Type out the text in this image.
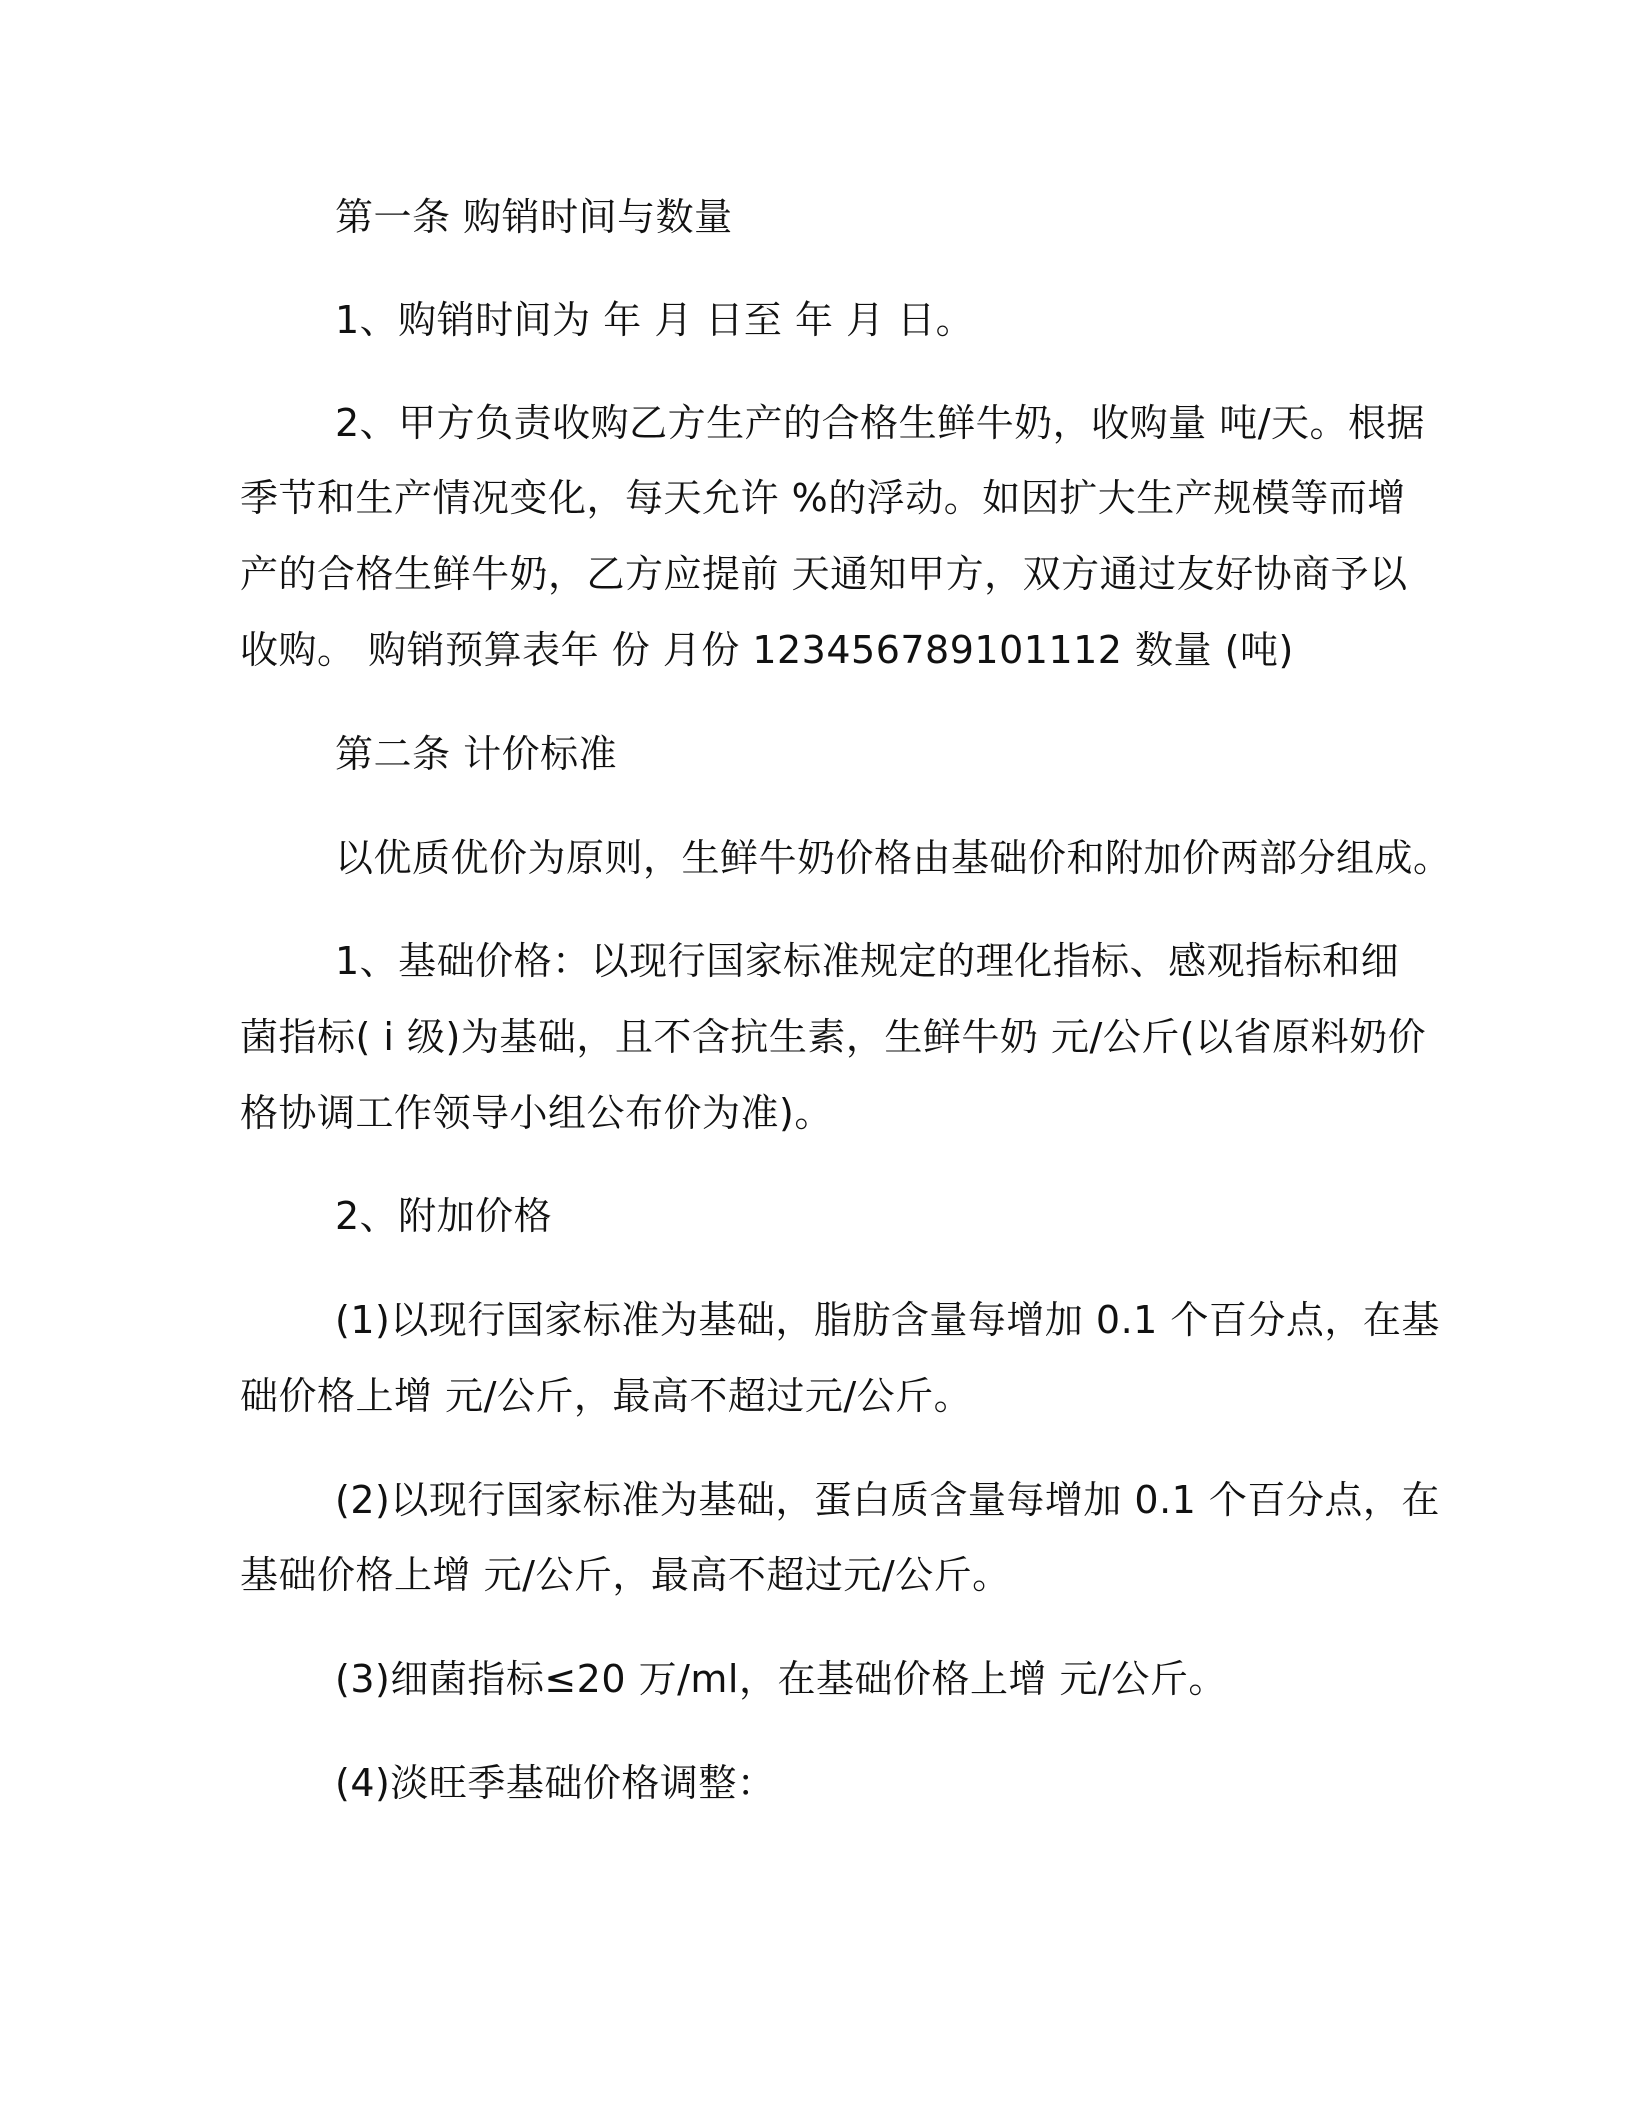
第一条 购销时间与数量
1、购销时间为 年 月 日至 年 月 日。
2、甲方负责收购乙方生产的合格生鲜牛奶，收购量 吨/天。根据
季节和生产情况变化，每天允许 %的浮动。如因扩大生产规模等而增
产的合格生鲜牛奶，乙方应提前 天通知甲方，双方通过友好协商予以
收购。 购销预算表年 份 月份 123456789101112 数量 (吨)
第二条 计价标准
以优质优价为原则，生鲜牛奶价格由基础价和附加价两部分组成。
1、基础价格：以现行国家标准规定的理化指标、感观指标和细
菌指标( i 级)为基础，且不含抗生素，生鲜牛奶 元/公斤(以省原料奶价
格协调工作领导小组公布价为准)。
2、附加价格
(1)以现行国家标准为基础，脂肪含量每增加 0.1 个百分点，在基
础价格上增 元/公斤，最高不超过元/公斤。
(2)以现行国家标准为基础，蛋白质含量每增加 0.1 个百分点，在
基础价格上增 元/公斤，最高不超过元/公斤。
(3)细菌指标≤20 万/ml，在基础价格上增 元/公斤。
(4)淡旺季基础价格调整：
